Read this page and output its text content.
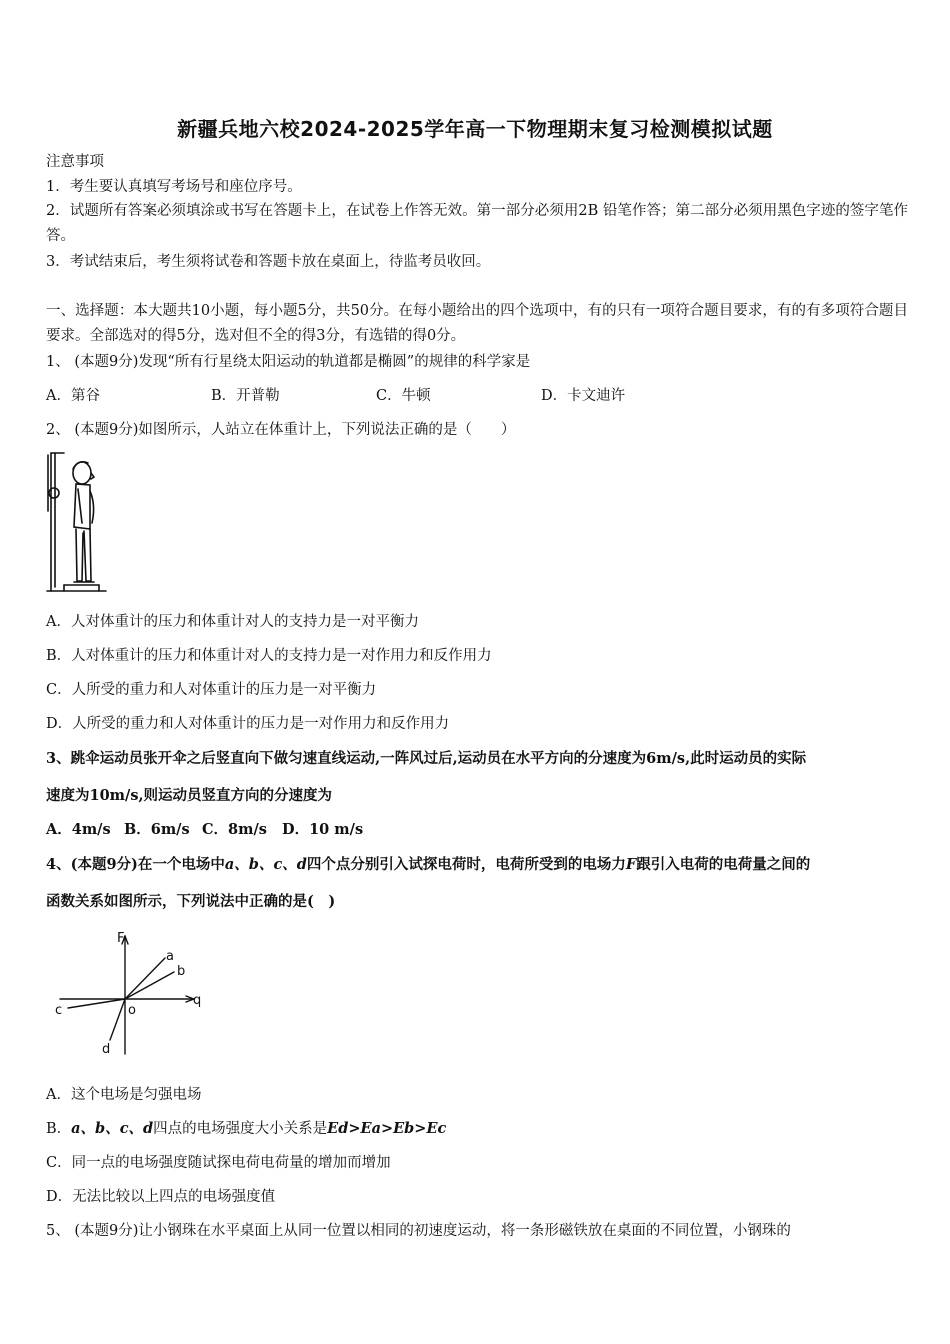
新疆兵地六校2024-2025学年高一下物理期末复习检测模拟试题
注意事项
1．考生要认真填写考场号和座位序号。
2．试题所有答案必须填涂或书写在答题卡上，在试卷上作答无效。第一部分必须用2B 铅笔作答；第二部分必须用黑色字迹的签字笔作答。
3．考试结束后，考生须将试卷和答题卡放在桌面上，待监考员收回。
一、选择题：本大题共10小题，每小题5分，共50分。在每小题给出的四个选项中，有的只有一项符合题目要求，有的有多项符合题目要求。全部选对的得5分，选对但不全的得3分，有选错的得0分。
1、 (本题9分)发现“所有行星绕太阳运动的轨道都是椭圆”的规律的科学家是
A．第谷	B．开普勒	C．牛顿	D．卡文迪许
2、 (本题9分)如图所示，人站立在体重计上，下列说法正确的是（　　）
A．人对体重计的压力和体重计对人的支持力是一对平衡力
B．人对体重计的压力和体重计对人的支持力是一对作用力和反作用力
C．人所受的重力和人对体重计的压力是一对平衡力
D．人所受的重力和人对体重计的压力是一对作用力和反作用力
3、跳伞运动员张开伞之后竖直向下做匀速直线运动,一阵风过后,运动员在水平方向的分速度为6m/s,此时运动员的实际
速度为10m/s,则运动员竖直方向的分速度为
A．4m/s B．6m/s C．8m/s D．10 m/s
4、(本题9分)在一个电场中a、b、c、d四个点分别引入试探电荷时，电荷所受到的电场力F跟引入电荷的电荷量之间的
函数关系如图所示，下列说法中正确的是(　)
F
q
o
a
b
c
d
A．这个电场是匀强电场
B．a、b、c、d四点的电场强度大小关系是Ed>Ea>Eb>Ec
C．同一点的电场强度随试探电荷电荷量的增加而增加
D．无法比较以上四点的电场强度值
5、 (本题9分)让小钢珠在水平桌面上从同一位置以相同的初速度运动，将一条形磁铁放在桌面的不同位置，小钢珠的
